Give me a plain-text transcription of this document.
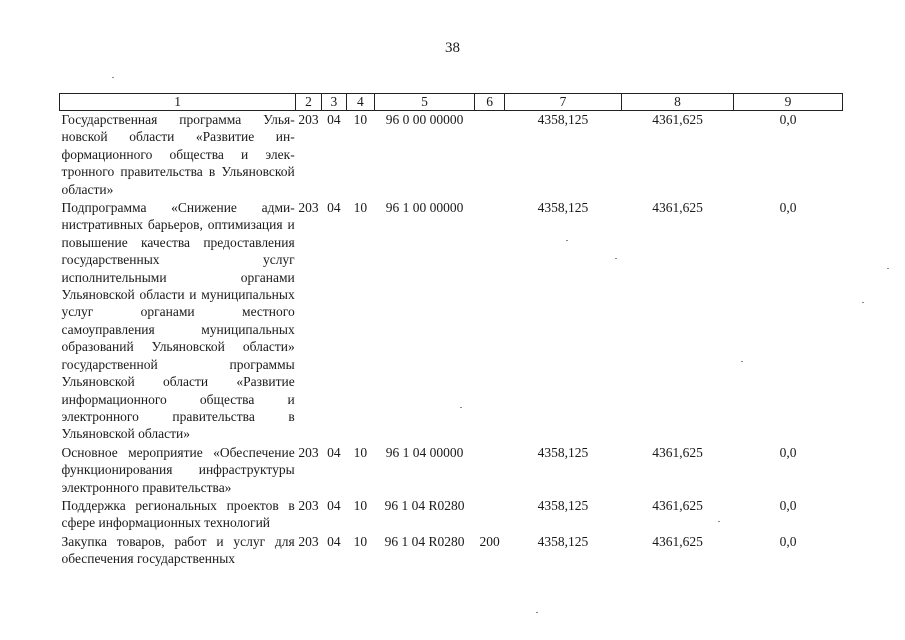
38
1	2	3	4	5	6	7	8	9
Государственная программа Ульяновской области «Развитие информационного общества и электронного правительства в Ульяновской области»	203	04	10	96 0 00 00000		4358,125	4361,625	0,0
Подпрограмма «Снижение административных барьеров, оптимизация и повышение качества предоставления государственных услуг исполнительными органами Ульяновской области и муниципальных услуг органами местного самоуправления муниципальных образований Ульяновской области» государственной программы Ульяновской области «Развитие информационного общества и электронного правительства в Ульяновской области»	203	04	10	96 1 00 00000		4358,125	4361,625	0,0
Основное мероприятие «Обеспечение функционирования инфраструктуры электронного правительства»	203	04	10	96 1 04 00000		4358,125	4361,625	0,0
Поддержка региональных проектов в сфере информационных технологий	203	04	10	96 1 04 R0280		4358,125	4361,625	0,0
Закупка товаров, работ и услуг для обеспечения государственных	203	04	10	96 1 04 R0280	200	4358,125	4361,625	0,0
